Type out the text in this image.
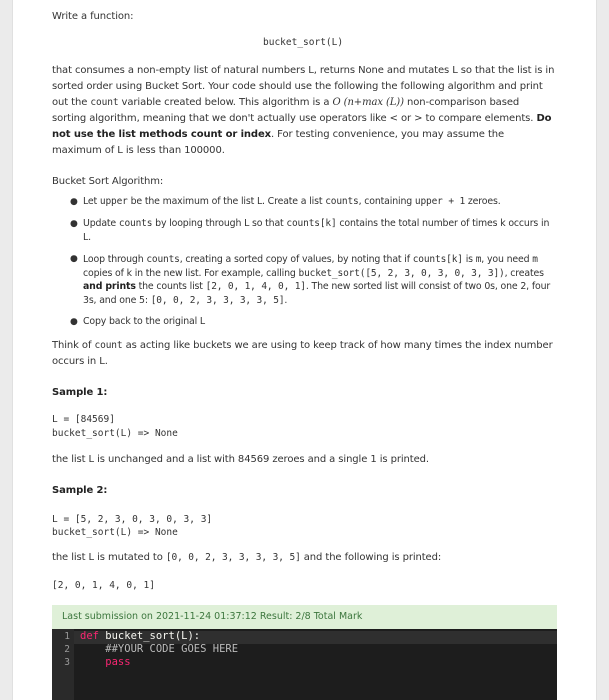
Write a function:
bucket_sort(L)
that consumes a non-empty list of natural numbers L, returns None and mutates L so that the list is in sorted order using Bucket Sort. Your code should use the following the following algorithm and print out the count variable created below. This algorithm is a O (n+max (L)) non-comparison based sorting algorithm, meaning that we don't actually use operators like < or > to compare elements. Do not use the list methods count or index. For testing convenience, you may assume the maximum of L is less than 100000.
Bucket Sort Algorithm:
● Let upper be the maximum of the list L. Create a list counts, containing upper + 1 zeroes.
● Update counts by looping through L so that counts[k] contains the total number of times k occurs in L.
● Loop through counts, creating a sorted copy of values, by noting that if counts[k] is m, you need m copies of k in the new list. For example, calling bucket_sort([5, 2, 3, 0, 3, 0, 3, 3]), creates and prints the counts list [2, 0, 1, 4, 0, 1]. The new sorted list will consist of two 0s, one 2, four 3s, and one 5: [0, 0, 2, 3, 3, 3, 3, 5].
● Copy back to the original L
Think of count as acting like buckets we are using to keep track of how many times the index number occurs in L.
Sample 1:
L = [84569]
bucket_sort(L) => None
the list L is unchanged and a list with 84569 zeroes and a single 1 is printed.
Sample 2:
L = [5, 2, 3, 0, 3, 0, 3, 3]
bucket_sort(L) => None
the list L is mutated to [0, 0, 2, 3, 3, 3, 3, 5] and the following is printed:
[2, 0, 1, 4, 0, 1]
Last submission on 2021-11-24 01:37:12 Result: 2/8 Total Mark
1
2
3
def bucket_sort(L):
##YOUR CODE GOES HERE
pass
